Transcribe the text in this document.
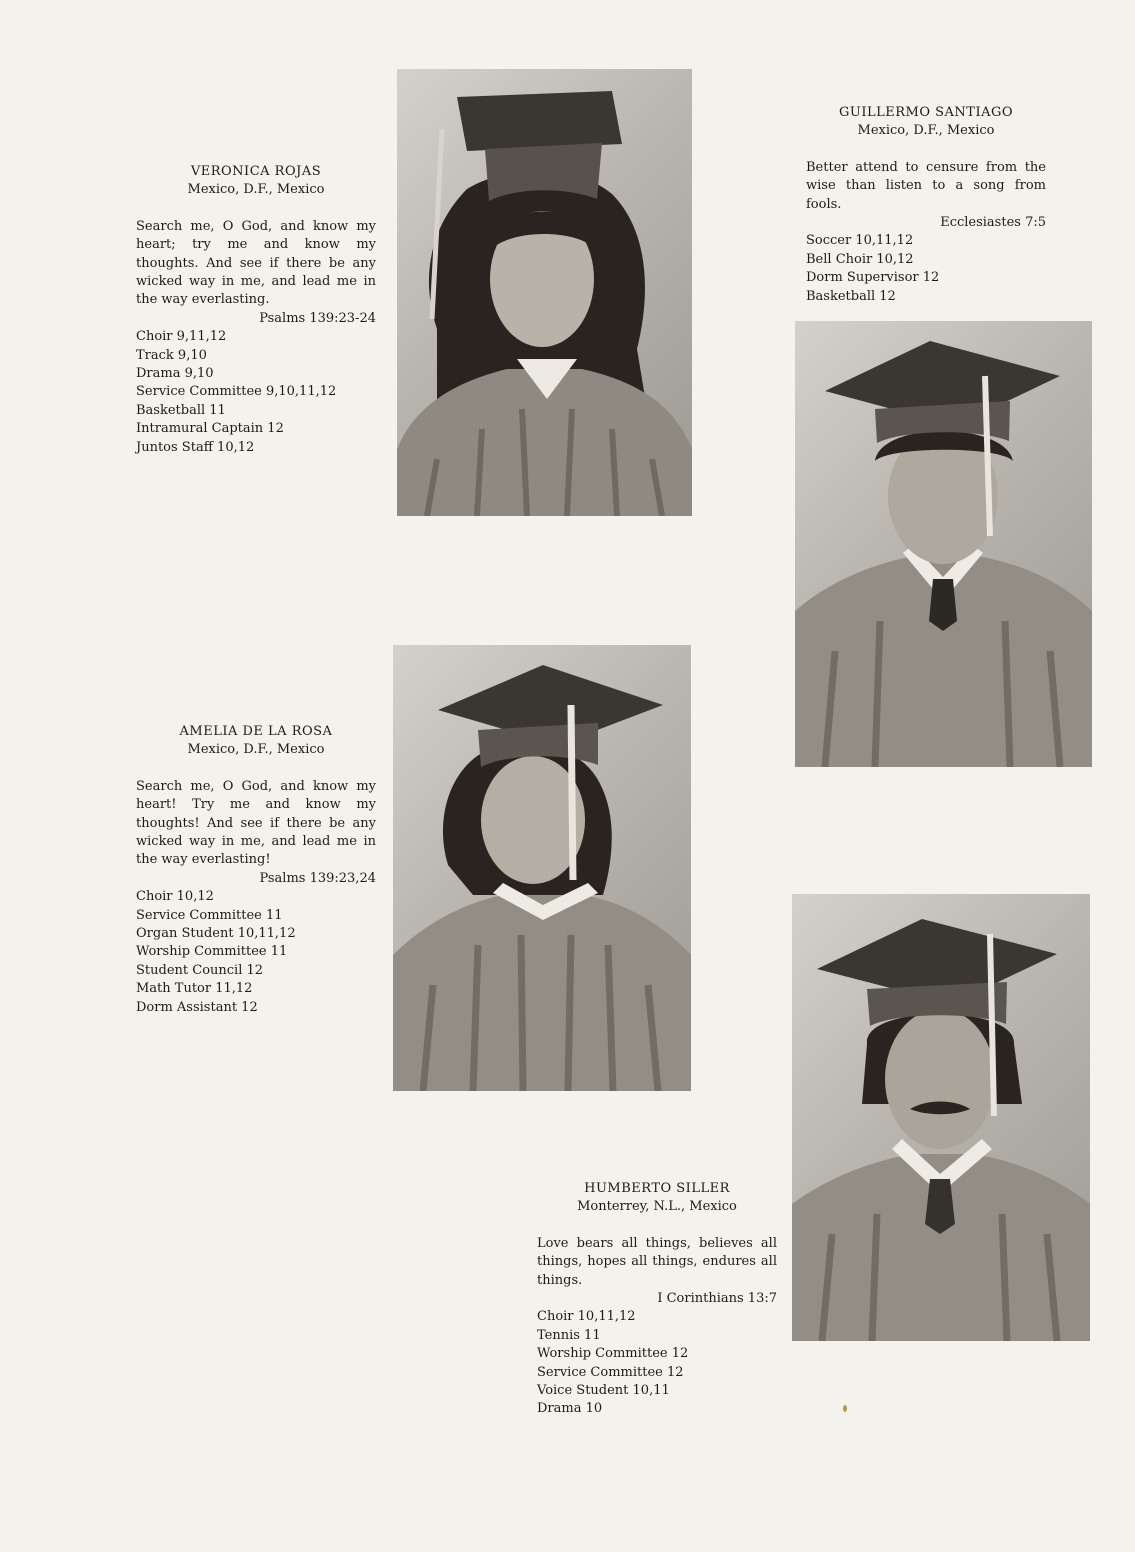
VERONICA ROJAS
Mexico, D.F., Mexico
Search me, O God, and know my heart; try me and know my thoughts. And see if there be any wicked way in me, and lead me in the way everlasting.
Psalms 139:23-24
Choir 9,11,12
Track 9,10
Drama 9,10
Service Committee 9,10,11,12
Basketball 11
Intramural Captain 12
Juntos Staff 10,12
GUILLERMO SANTIAGO
Mexico, D.F., Mexico
Better attend to censure from the wise than listen to a song from fools.
Ecclesiastes 7:5
Soccer 10,11,12
Bell Choir 10,12
Dorm Supervisor 12
Basketball 12
AMELIA DE LA ROSA
Mexico, D.F., Mexico
Search me, O God, and know my heart! Try me and know my thoughts! And see if there be any wicked way in me, and lead me in the way everlasting!
Psalms 139:23,24
Choir 10,12
Service Committee 11
Organ Student 10,11,12
Worship Committee 11
Student Council 12
Math Tutor 11,12
Dorm Assistant 12
HUMBERTO SILLER
Monterrey, N.L., Mexico
Love bears all things, believes all things, hopes all things, endures all things.
I Corinthians 13:7
Choir 10,11,12
Tennis 11
Worship Committee 12
Service Committee 12
Voice Student 10,11
Drama 10
